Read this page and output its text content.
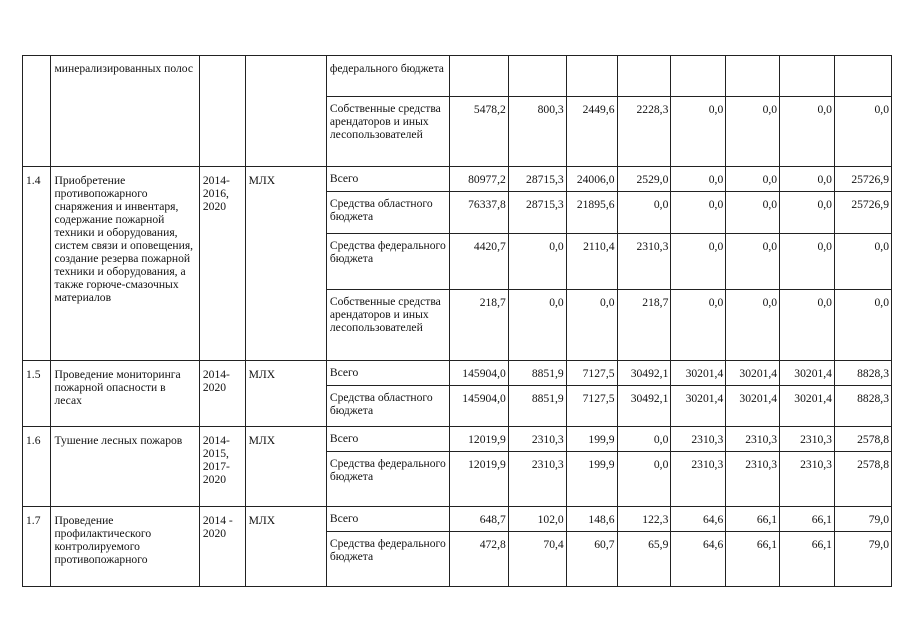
	минерализированных полос			федерального бюджета								
				Собственные средства арендаторов и иных лесопользователей	5478,2	800,3	2449,6	2228,3	0,0	0,0	0,0	0,0
1.4	Приобретение противопожарного снаряжения и инвентаря, содержание пожарной техники и оборудования, систем связи и оповещения, создание резерва пожарной техники и оборудования, а также горюче-смазочных материалов	2014-2016, 2020	МЛХ	Всего	80977,2	28715,3	24006,0	2529,0	0,0	0,0	0,0	25726,9
				Средства областного бюджета	76337,8	28715,3	21895,6	0,0	0,0	0,0	0,0	25726,9
				Средства федерального бюджета	4420,7	0,0	2110,4	2310,3	0,0	0,0	0,0	0,0
				Собственные средства арендаторов и иных лесопользователей	218,7	0,0	0,0	218,7	0,0	0,0	0,0	0,0
1.5	Проведение мониторинга пожарной опасности в лесах	2014-2020	МЛХ	Всего	145904,0	8851,9	7127,5	30492,1	30201,4	30201,4	30201,4	8828,3
				Средства областного бюджета	145904,0	8851,9	7127,5	30492,1	30201,4	30201,4	30201,4	8828,3
1.6	Тушение лесных пожаров	2014-2015, 2017-2020	МЛХ	Всего	12019,9	2310,3	199,9	0,0	2310,3	2310,3	2310,3	2578,8
				Средства федерального бюджета	12019,9	2310,3	199,9	0,0	2310,3	2310,3	2310,3	2578,8
1.7	Проведение профилактического контролируемого противопожарного	2014 - 2020	МЛХ	Всего	648,7	102,0	148,6	122,3	64,6	66,1	66,1	79,0
				Средства федерального бюджета	472,8	70,4	60,7	65,9	64,6	66,1	66,1	79,0
